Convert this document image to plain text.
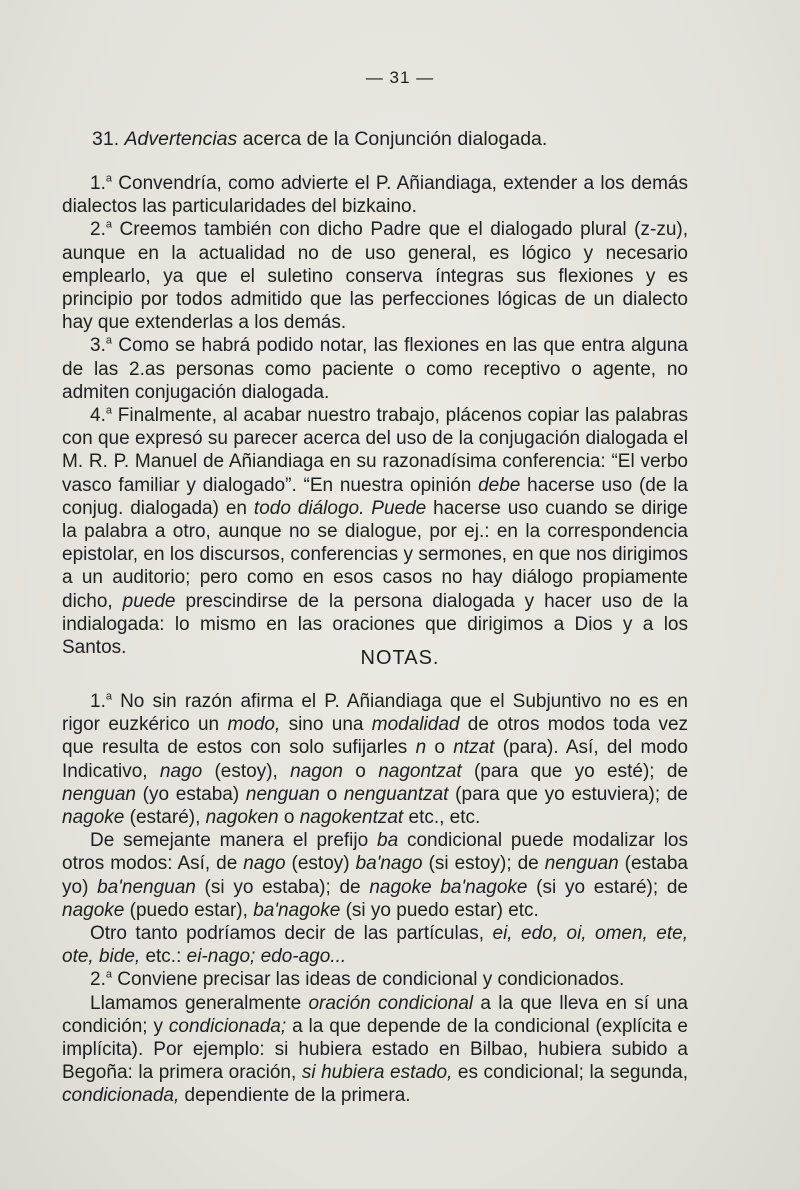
— 31 —
31. Advertencias acerca de la Conjunción dialogada.

1.$^a$ Convendría, como advierte el P. Añiandiaga, extender a los demás dialectos las particularidades del bizkaino.

2.$^a$ Creemos también con dicho Padre que el dialogado plural (z-zu), aunque en la actualidad no de uso general, es lógico y necesario emplearlo, ya que el suletino conserva íntegras sus flexiones y es principio por todos admitido que las perfecciones lógicas de un dialecto hay que extenderlas a los demás.

3.$^a$ Como se habrá podido notar, las flexiones en las que entra alguna de las 2.as personas como paciente o como receptivo o agente, no admiten conjugación dialogada.

4.$^a$ Finalmente, al acabar nuestro trabajo, plácenos copiar las palabras con que expresó su parecer acerca del uso de la conjugación dialogada el M. R. P. Manuel de Añiandiaga en su razonadísima conferencia: “El verbo vasco familiar y dialogado”. “En nuestra opinión debe hacerse uso (de la conjug. dialogada) en todo diálogo. Puede hacerse uso cuando se dirige la palabra a otro, aunque no se dialogue, por ej.: en la correspondencia epistolar, en los discursos, conferencias y sermones, en que nos dirigimos a un auditorio; pero como en esos casos no hay diálogo propiamente dicho, puede prescindirse de la persona dialogada y hacer uso de la indialogada: lo mismo en las oraciones que dirigimos a Dios y a los Santos.	NOTAS.

1.$^a$ No sin razón afirma el P. Añiandiaga que el Subjuntivo no es en rigor euzkérico un modo, sino una modalidad de otros modos toda vez que resulta de estos con solo sufijarles n o ntzat (para). Así, del modo Indicativo, nago (estoy), nagon o nagontzat (para que yo esté); de nenguan (yo estaba) nenguan o nenguantzat (para que yo estuviera); de nagoke (estaré), nagoken o nagokentzat etc., etc.

De semejante manera el prefijo ba condicional puede modalizar los otros modos: Así, de nago (estoy) ba'nago (si estoy); de nenguan (estaba yo) ba'nenguan (si yo estaba); de nagoke ba'nagoke (si yo estaré); de nagoke (puedo estar), ba'nagoke (si yo puedo estar) etc.

Otro tanto podríamos decir de las partículas, ei, edo, oi, omen, ete, ote, bide, etc.: ei-nago; edo-ago...

2.$^a$ Conviene precisar las ideas de condicional y condicionados.

Llamamos generalmente oración condicional a la que lleva en sí una condición; y condicionada; a la que depende de la condicional (explícita e implícita). Por ejemplo: si hubiera estado en Bilbao, hubiera subido a Begoña: la primera oración, si hubiera estado, es condicional; la segunda, condicionada, dependiente de la primera.
